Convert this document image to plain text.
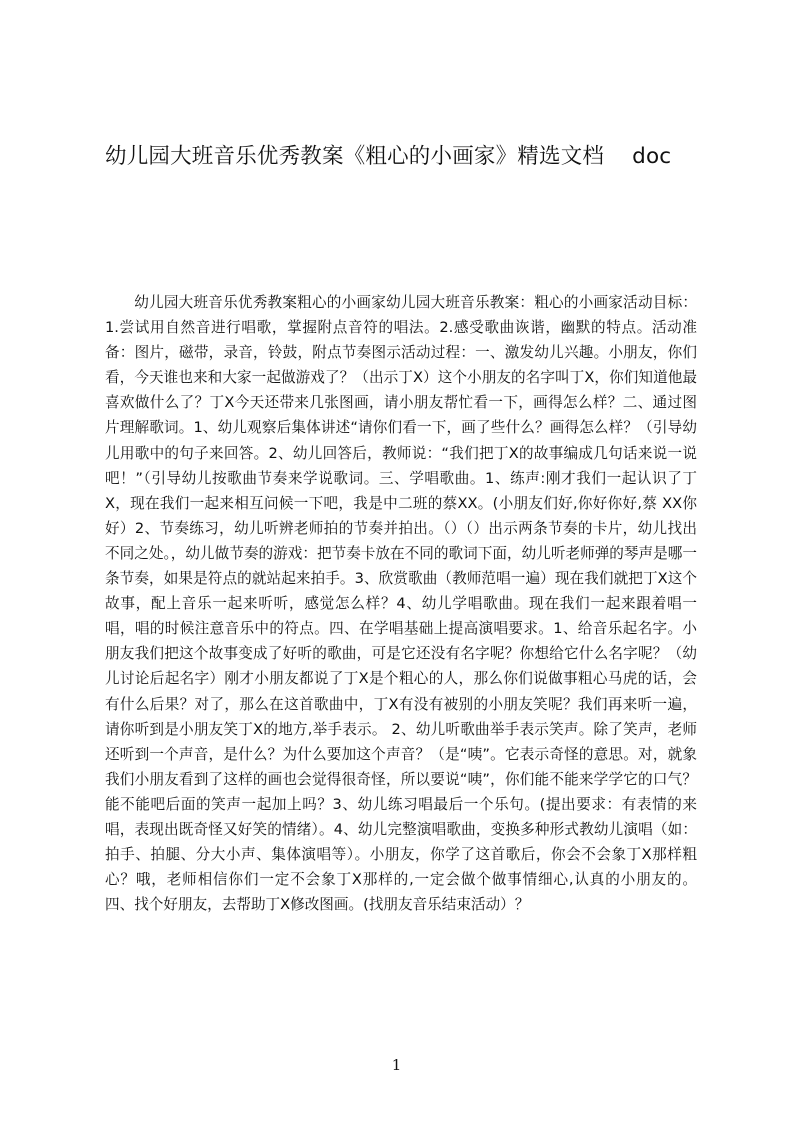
幼儿园大班音乐优秀教案《粗心的小画家》精选文档 doc

幼儿园大班音乐优秀教案粗心的小画家幼儿园大班音乐教案：粗心的小画家活动目标：1.尝试用自然音进行唱歌，掌握附点音符的唱法。2.感受歌曲诙谐，幽默的特点。活动准备：图片，磁带，录音，铃鼓，附点节奏图示活动过程：一、激发幼儿兴趣。小朋友，你们看，今天谁也来和大家一起做游戏了？（出示丁X）这个小朋友的名字叫丁X，你们知道他最喜欢做什么了？丁X今天还带来几张图画，请小朋友帮忙看一下，画得怎么样？二、通过图片理解歌词。1、幼儿观察后集体讲述“请你们看一下，画了些什么？画得怎么样？（引导幼儿用歌中的句子来回答。2、幼儿回答后，教师说：“我们把丁X的故事编成几句话来说一说吧！”（引导幼儿按歌曲节奏来学说歌词。三、学唱歌曲。1、练声:刚才我们一起认识了丁 X，现在我们一起来相互问候一下吧，我是中二班的蔡XX。(小朋友们好,你好你好,蔡 XX你好）2、节奏练习，幼儿听辨老师拍的节奏并拍出。（）（）出示两条节奏的卡片，幼儿找出不同之处。，幼儿做节奏的游戏：把节奏卡放在不同的歌词下面，幼儿听老师弹的琴声是哪一条节奏，如果是符点的就站起来拍手。3、欣赏歌曲（教师范唱一遍）现在我们就把丁X这个故事，配上音乐一起来听听，感觉怎么样？4、幼儿学唱歌曲。现在我们一起来跟着唱一唱，唱的时候注意音乐中的符点。四、在学唱基础上提高演唱要求。1、给音乐起名字。小朋友我们把这个故事变成了好听的歌曲，可是它还没有名字呢？你想给它什么名字呢？（幼儿讨论后起名字）刚才小朋友都说了丁X是个粗心的人，那么你们说做事粗心马虎的话，会有什么后果？对了，那么在这首歌曲中，丁X有没有被别的小朋友笑呢？我们再来听一遍，请你听到是小朋友笑丁X的地方,举手表示。 2、幼儿听歌曲举手表示笑声。除了笑声，老师还听到一个声音，是什么？为什么要加这个声音？（是“咦”。它表示奇怪的意思。对，就象我们小朋友看到了这样的画也会觉得很奇怪，所以要说“咦”，你们能不能来学学它的口气？能不能吧后面的笑声一起加上吗？3、幼儿练习唱最后一个乐句。(提出要求：有表情的来唱，表现出既奇怪又好笑的情绪）。4、幼儿完整演唱歌曲，变换多种形式教幼儿演唱（如：拍手、拍腿、分大小声、集体演唱等）。小朋友，你学了这首歌后，你会不会象丁X那样粗心？哦，老师相信你们一定不会象丁X那样的,一定会做个做事情细心,认真的小朋友的。 四、找个好朋友，去帮助丁X修改图画。(找朋友音乐结束活动）？

1
